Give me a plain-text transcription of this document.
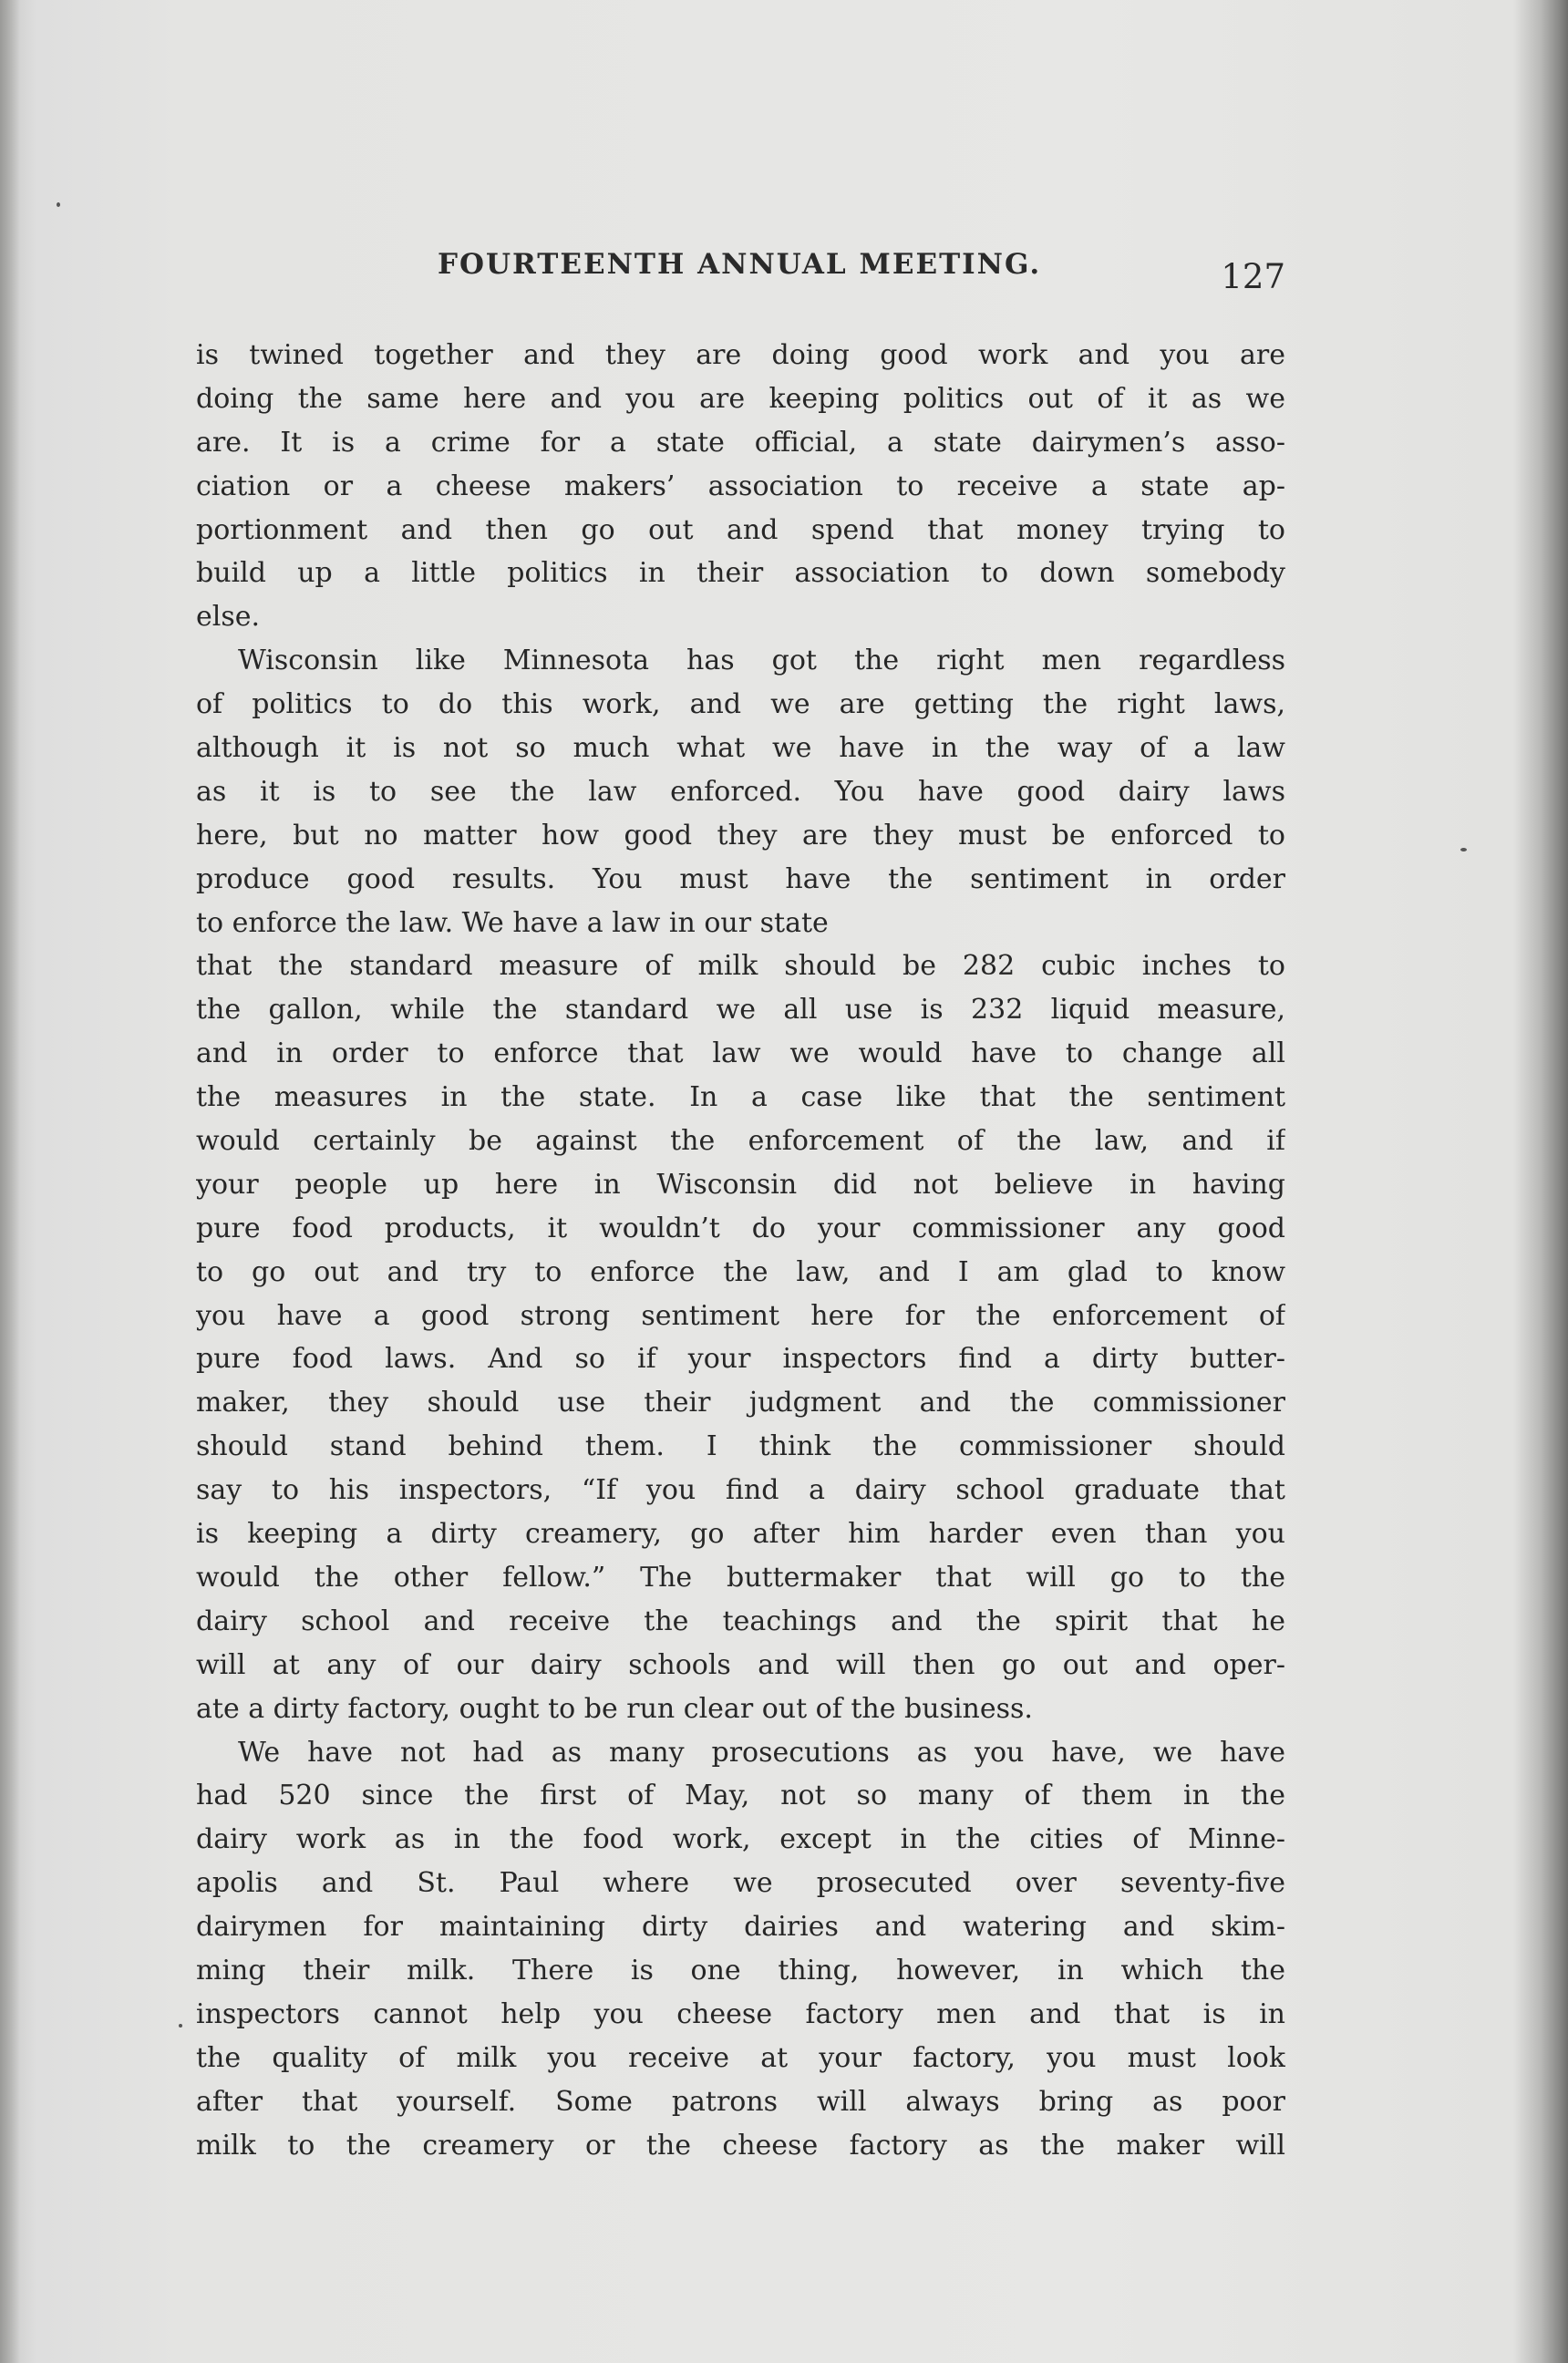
FOURTEENTH ANNUAL MEETING.	127
is twined together and they are doing good work and you are
doing the same here and you are keeping politics out of it as we
are. It is a crime for a state official, a state dairymen’s asso-
ciation or a cheese makers’ association to receive a state ap-
portionment and then go out and spend that money trying to
build up a little politics in their association to down somebody
else.
Wisconsin like Minnesota has got the right men regardless
of politics to do this work, and we are getting the right laws,
although it is not so much what we have in the way of a law
as it is to see the law enforced. You have good dairy laws
here, but no matter how good they are they must be enforced to
produce good results. You must have the sentiment in order
to enforce the law. We have a law in our state
that the standard measure of milk should be 282 cubic inches to
the gallon, while the standard we all use is 232 liquid measure,
and in order to enforce that law we would have to change all
the measures in the state. In a case like that the sentiment
would certainly be against the enforcement of the law, and if
your people up here in Wisconsin did not believe in having
pure food products, it wouldn’t do your commissioner any good
to go out and try to enforce the law, and I am glad to know
you have a good strong sentiment here for the enforcement of
pure food laws. And so if your inspectors find a dirty butter-
maker, they should use their judgment and the commissioner
should stand behind them. I think the commissioner should
say to his inspectors, “If you find a dairy school graduate that
is keeping a dirty creamery, go after him harder even than you
would the other fellow.” The buttermaker that will go to the
dairy school and receive the teachings and the spirit that he
will at any of our dairy schools and will then go out and oper-
ate a dirty factory, ought to be run clear out of the business.
We have not had as many prosecutions as you have, we have
had 520 since the first of May, not so many of them in the
dairy work as in the food work, except in the cities of Minne-
apolis and St. Paul where we prosecuted over seventy-five
dairymen for maintaining dirty dairies and watering and skim-
ming their milk. There is one thing, however, in which the
inspectors cannot help you cheese factory men and that is in
the quality of milk you receive at your factory, you must look
after that yourself. Some patrons will always bring as poor
milk to the creamery or the cheese factory as the maker will
